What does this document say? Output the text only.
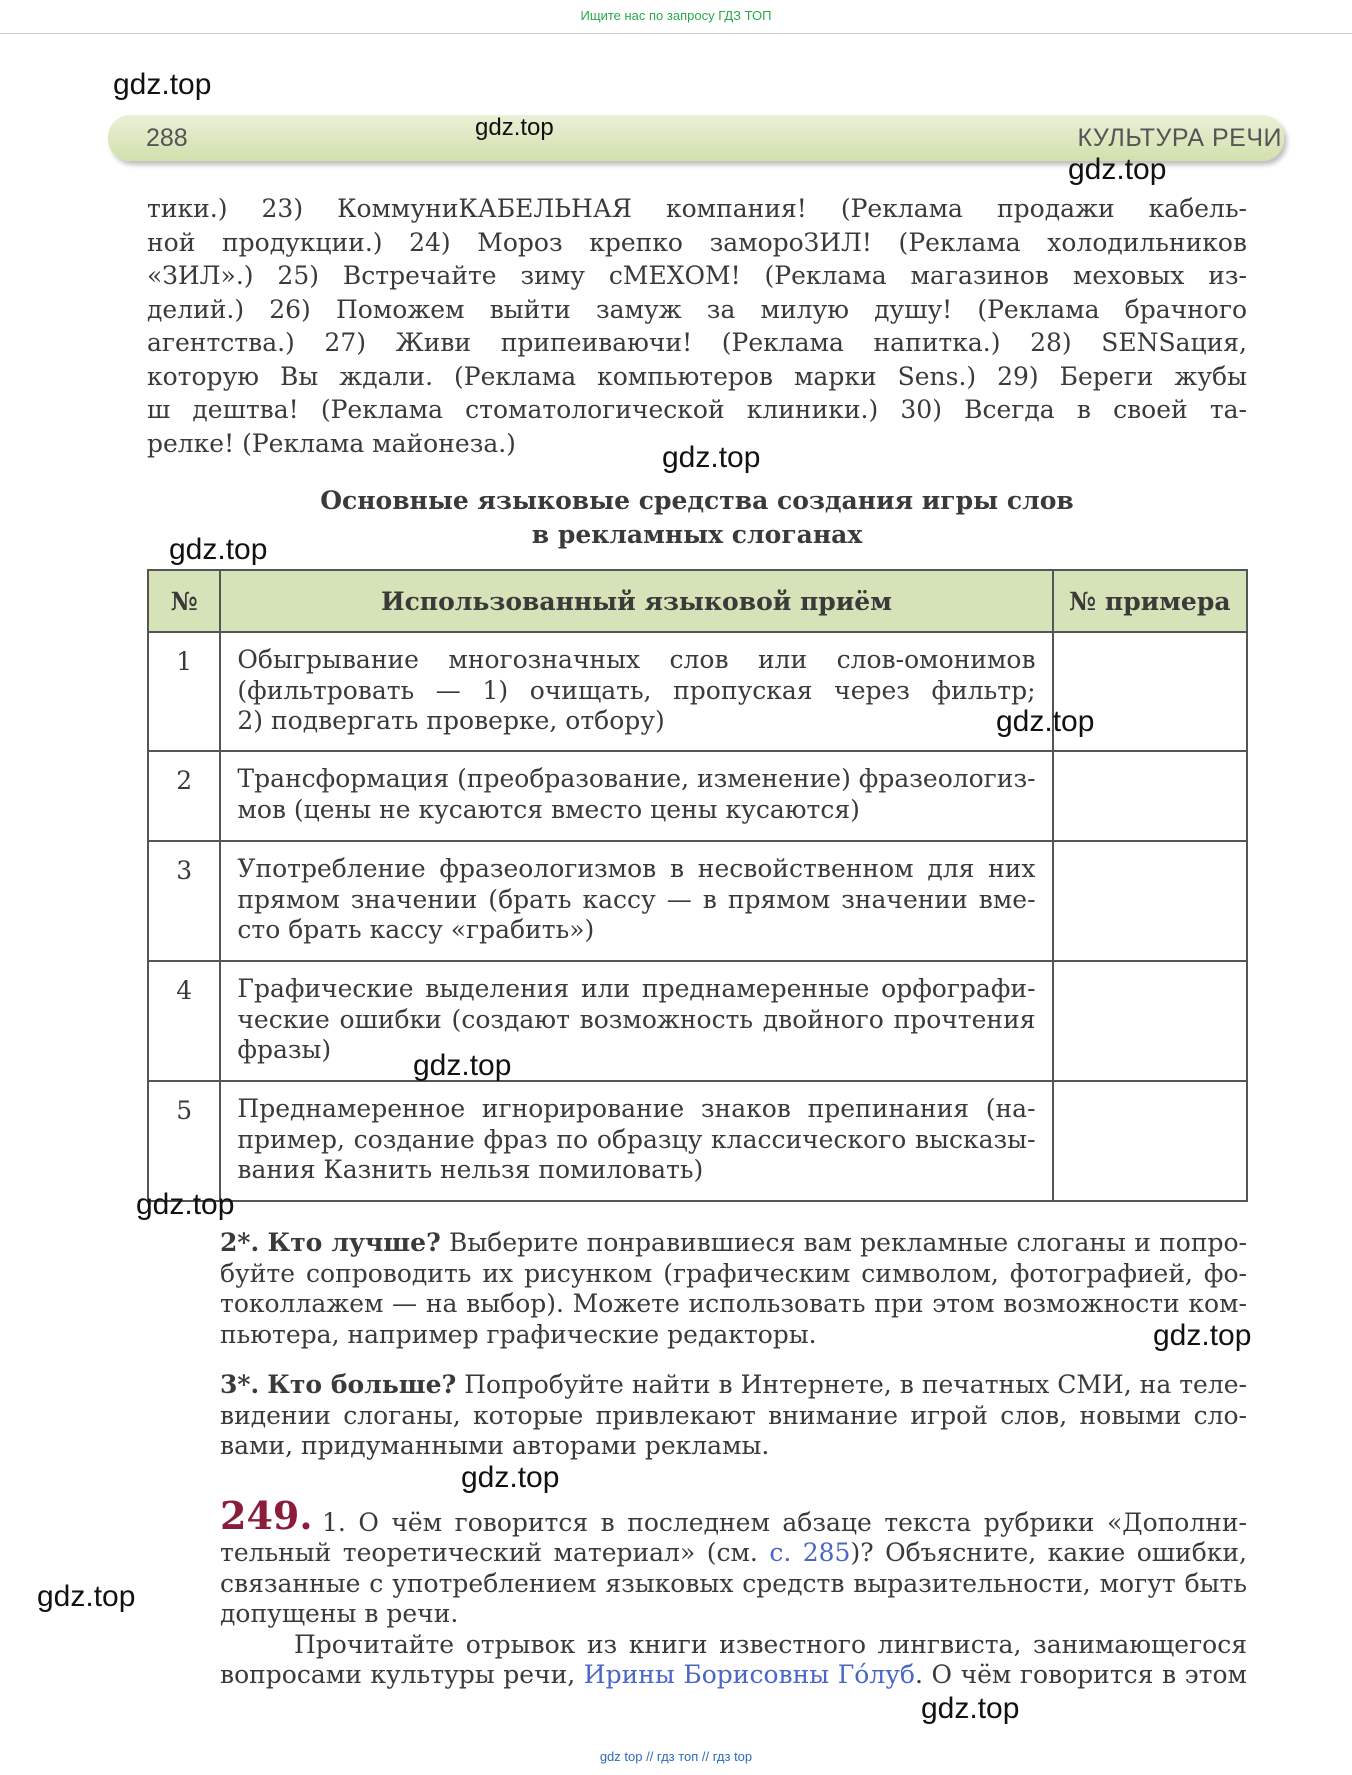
Ищите нас по запросу ГДЗ ТОП
288	КУЛЬТУРА РЕЧИ
тики.) 23) КоммуниКАБЕЛЬНАЯ компания! (Реклама продажи кабель-
ной продукции.) 24) Мороз крепко замороЗИЛ! (Реклама холодильников
«ЗИЛ».) 25) Встречайте зиму сМЕХОМ! (Реклама магазинов меховых из-
делий.) 26) Поможем выйти замуж за милую душу! (Реклама брачного
агентства.) 27) Живи припеиваючи! (Реклама напитка.) 28) SENSация,
которую Вы ждали. (Реклама компьютеров марки Sens.) 29) Береги жубы
ш дештва! (Реклама стоматологической клиники.) 30) Всегда в своей та-
релке! (Реклама майонеза.)
Основные языковые средства создания игры слов
в рекламных слоганах
№	Использованный языковой приём	№ примера
1	Обыгрывание многозначных слов или слов-омонимов
(фильтровать — 1) очищать, пропуская через фильтр;
2) подвергать проверке, отбору)	

2	Трансформация (преобразование, изменение) фразеологиз-
мов (цены не кусаются вместо цены кусаются)	

3	Употребление фразеологизмов в несвойственном для них
прямом значении (брать кассу — в прямом значении вме-
сто брать кассу «грабить»)	

4	Графические выделения или преднамеренные орфографи-
ческие ошибки (создают возможность двойного прочтения
фразы)	

5	Преднамеренное игнорирование знаков препинания (на-
пример, создание фраз по образцу классического высказы-
вания Казнить нельзя помиловать)	

2*. Кто лучше? Выберите понравившиеся вам рекламные слоганы и попро-
буйте сопроводить их рисунком (графическим символом, фотографией, фо-
токоллажем — на выбор). Можете использовать при этом возможности ком-
пьютера, например графические редакторы.
3*. Кто больше? Попробуйте найти в Интернете, в печатных СМИ, на теле-
видении слоганы, которые привлекают внимание игрой слов, новыми сло-
вами, придуманными авторами рекламы.
249. 1. О чём говорится в последнем абзаце текста рубрики «Дополни-
тельный теоретический материал» (см. с. 285)? Объясните, какие ошибки,
связанные с употреблением языковых средств выразительности, могут быть
допущены в речи.
Прочитайте отрывок из книги известного лингвиста, занимающегося
вопросами культуры речи, Ирины Борисовны Го́луб. О чём говорится в этом
gdz.top
gdz.top
gdz.top
gdz.top
gdz.top
gdz.top
gdz.top
gdz.top
gdz.top
gdz.top
gdz.top
gdz.top
gdz top // гдз топ // гдз top
